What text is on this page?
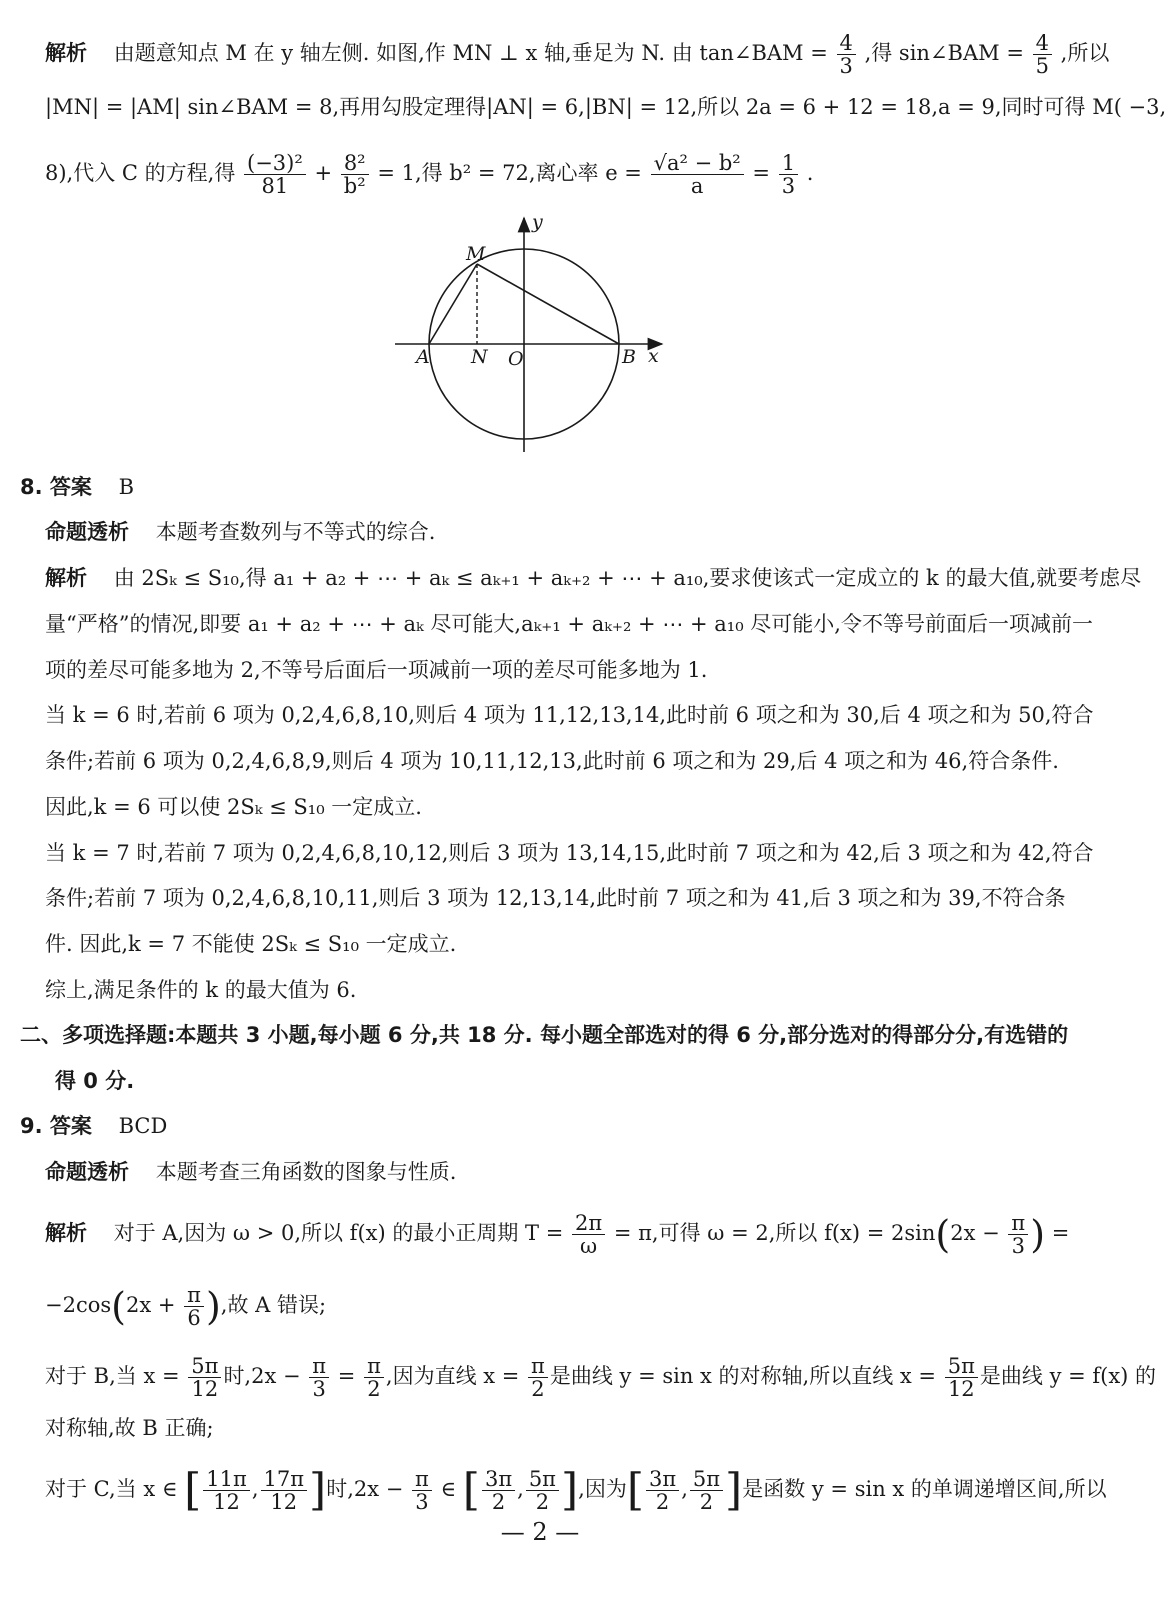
解析 由题意知点 M 在 y 轴左侧. 如图,作 MN ⊥ x 轴,垂足为 N. 由 tan∠BAM = $\frac{4}{3}$ ,得 sin∠BAM = $\frac{4}{5}$ ,所以
|MN| = |AM| sin∠BAM = 8,再用勾股定理得|AN| = 6,|BN| = 12,所以 2a = 6 + 12 = 18,a = 9,同时可得 M( −3,
8),代入 C 的方程,得 $\frac{\text{(−3)²}}{81} + \frac{\text{8²}}{\text{b²}} = 1$,得 b² = 72,离心率 $e = \frac{\text{√a² − b²}}{a} = \frac{1}{3}$ .
y
x
M
A N O	B
8. 答案 B
命题透析 本题考查数列与不等式的综合.
解析 由 2Sₖ ≤ S₁₀,得 a₁ + a₂ + ⋯ + aₖ ≤ aₖ₊₁ + aₖ₊₂ + ⋯ + a₁₀,要求使该式一定成立的 k 的最大值,就要考虑尽
量“严格”的情况,即要 a₁ + a₂ + ⋯ + aₖ 尽可能大,aₖ₊₁ + aₖ₊₂ + ⋯ + a₁₀ 尽可能小,令不等号前面后一项减前一
项的差尽可能多地为 2,不等号后面后一项减前一项的差尽可能多地为 1.
当 k = 6 时,若前 6 项为 0,2,4,6,8,10,则后 4 项为 11,12,13,14,此时前 6 项之和为 30,后 4 项之和为 50,符合
条件;若前 6 项为 0,2,4,6,8,9,则后 4 项为 10,11,12,13,此时前 6 项之和为 29,后 4 项之和为 46,符合条件.
因此,k = 6 可以使 2Sₖ ≤ S₁₀ 一定成立.
当 k = 7 时,若前 7 项为 0,2,4,6,8,10,12,则后 3 项为 13,14,15,此时前 7 项之和为 42,后 3 项之和为 42,符合
条件;若前 7 项为 0,2,4,6,8,10,11,则后 3 项为 12,13,14,此时前 7 项之和为 41,后 3 项之和为 39,不符合条
件. 因此,k = 7 不能使 2Sₖ ≤ S₁₀ 一定成立.
综上,满足条件的 k 的最大值为 6.
二、多项选择题:本题共 3 小题,每小题 6 分,共 18 分. 每小题全部选对的得 6 分,部分选对的得部分分,有选错的
得 0 分.
9. 答案 BCD
命题透析 本题考查三角函数的图象与性质.
解析 对于 A,因为 ω > 0,所以 f(x) 的最小正周期 $T = \frac{2\pi}{\omega} = \pi$,可得 ω = 2,所以 $f(x) = 2\sin(2x - \frac{\pi}{3}$ ) =
$-2\cos(2x + \frac{\pi}{6}$ ),故 A 错误;
对于 B,当 $x = \frac{5\pi}{12}$ 时$,2x - \frac{\pi}{3} = \frac{\pi}{2}$ ,因为直线 $x = \frac{\pi}{2}$ 是曲线 y = sin x 的对称轴,所以直线 $x = \frac{5\pi}{12}$ 是曲线 y = f(x) 的
对称轴,故 B 正确;
对于 C,当 x ∈ [ $\frac{11\pi}{12}$ , $\frac{17\pi}{12}$ ]时$,2x - \frac{\pi}{3}$ ∈ [ $\frac{3\pi}{2}$ , $\frac{5\pi}{2}$ ],因为[ $\frac{3\pi}{2}$ , $\frac{5\pi}{2}$ ]是函数 y = sin x 的单调递增区间,所以
— 2 —
